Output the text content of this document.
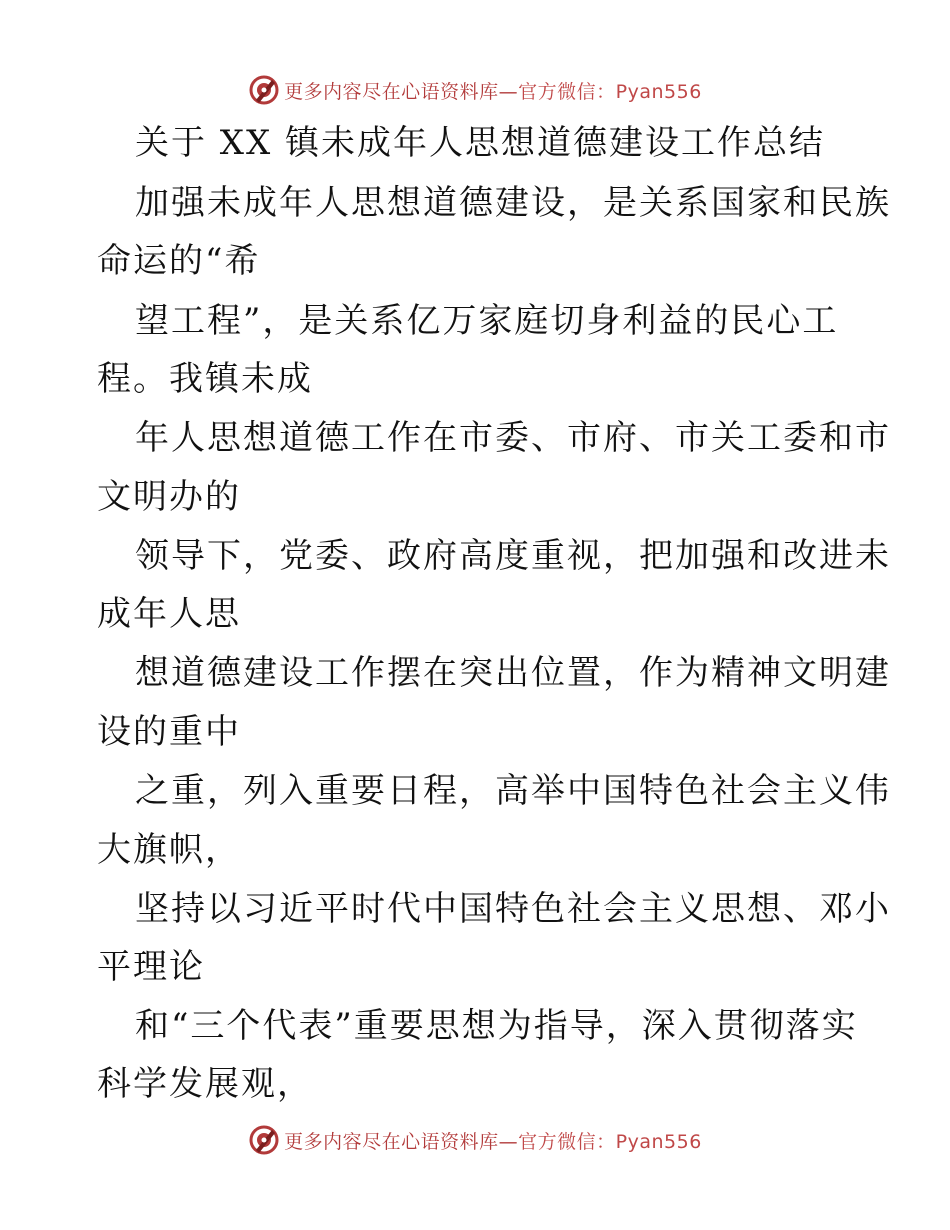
更多内容尽在心语资料库—官方微信：Pyan556
关于 XX 镇未成年人思想道德建设工作总结
加强未成年人思想道德建设，是关系国家和民族
命运的“希
望工程”，是关系亿万家庭切身利益的民心工
程。我镇未成
年人思想道德工作在市委、市府、市关工委和市
文明办的
领导下，党委、政府高度重视，把加强和改进未
成年人思
想道德建设工作摆在突出位置，作为精神文明建
设的重中
之重，列入重要日程，高举中国特色社会主义伟
大旗帜，
坚持以习近平时代中国特色社会主义思想、邓小
平理论
和“三个代表”重要思想为指导，深入贯彻落实
科学发展观，
更多内容尽在心语资料库—官方微信：Pyan556
